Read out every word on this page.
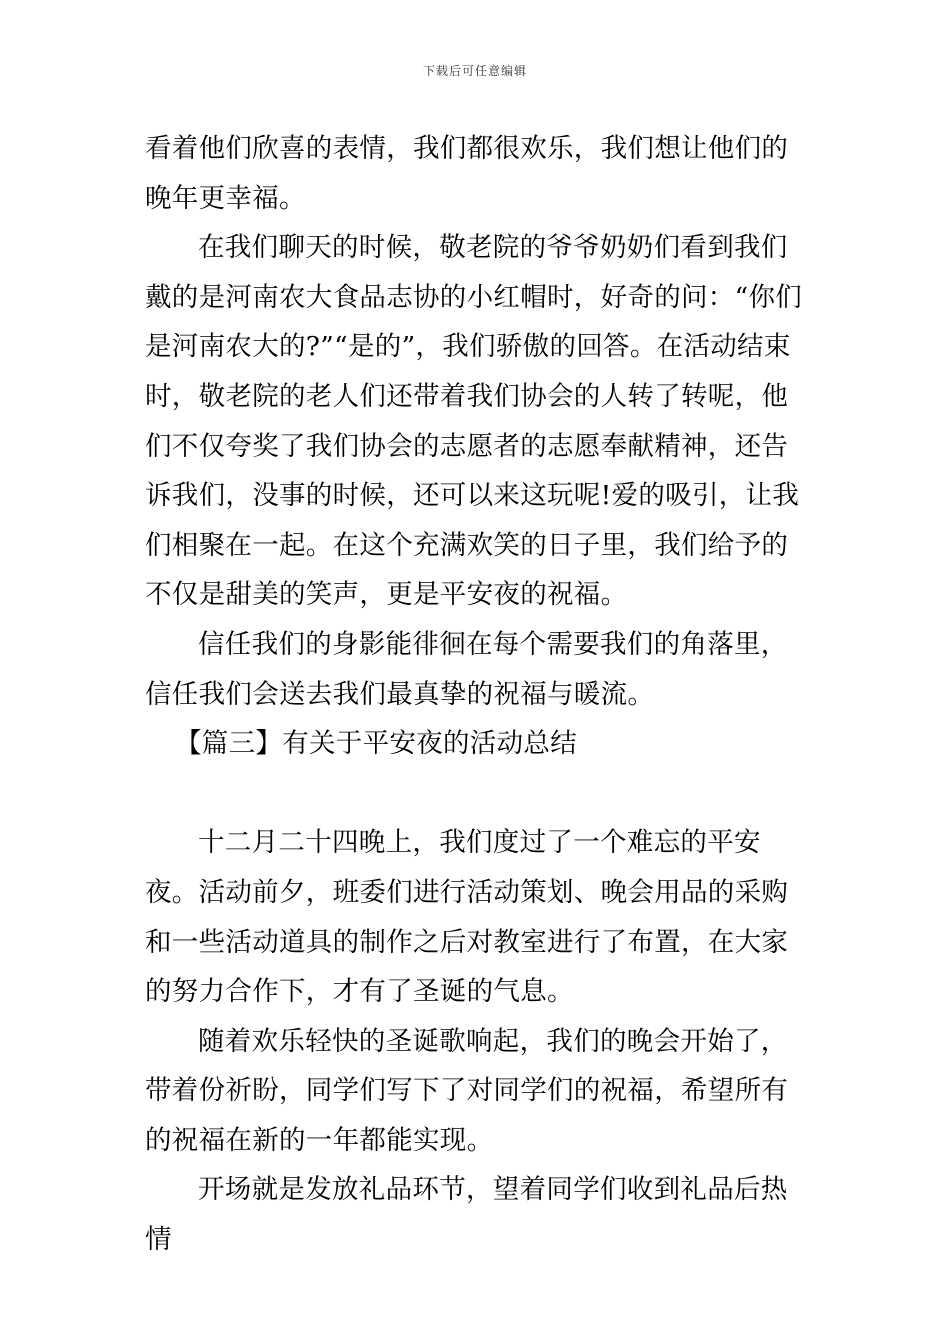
下载后可任意编辑

看着他们欣喜的表情，我们都很欢乐，我们想让他们的晚年更幸福。

在我们聊天的时候，敬老院的爷爷奶奶们看到我们戴的是河南农大食品志协的小红帽时，好奇的问：“你们是河南农大的?”“是的”，我们骄傲的回答。在活动结束时，敬老院的老人们还带着我们协会的人转了转呢，他们不仅夸奖了我们协会的志愿者的志愿奉献精神，还告诉我们，没事的时候，还可以来这玩呢!爱的吸引，让我们相聚在一起。在这个充满欢笑的日子里，我们给予的不仅是甜美的笑声，更是平安夜的祝福。

信任我们的身影能徘徊在每个需要我们的角落里，信任我们会送去我们最真挚的祝福与暖流。

【篇三】有关于平安夜的活动总结

十二月二十四晚上，我们度过了一个难忘的平安夜。活动前夕，班委们进行活动策划、晚会用品的采购和一些活动道具的制作之后对教室进行了布置，在大家的努力合作下，才有了圣诞的气息。

随着欢乐轻快的圣诞歌响起，我们的晚会开始了，带着份祈盼，同学们写下了对同学们的祝福，希望所有的祝福在新的一年都能实现。

开场就是发放礼品环节，望着同学们收到礼品后热情
